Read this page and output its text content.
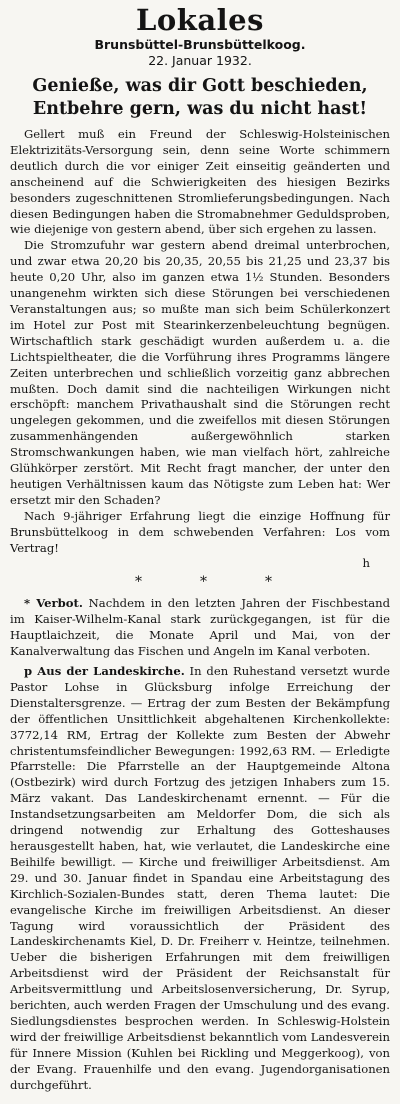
Lokales
Brunsbüttel-Brunsbüttelkoog.
22. Januar 1932.
Genieße, was dir Gott beschieden, Entbehre gern, was du nicht hast!

Gellert muß ein Freund der Schleswig-Holsteinischen Elektrizitäts-Versorgung sein, denn seine Worte schimmern deutlich durch die vor einiger Zeit einseitig geänderten und anscheinend auf die Schwierigkeiten des hiesigen Bezirks besonders zugeschnittenen Stromlieferungsbedingungen. Nach diesen Bedingungen haben die Stromabnehmer Geduldsproben, wie diejenige von gestern abend, über sich ergehen zu lassen.

Die Stromzufuhr war gestern abend dreimal unterbrochen, und zwar etwa 20,20 bis 20,35, 20,55 bis 21,25 und 23,37 bis heute 0,20 Uhr, also im ganzen etwa 1½ Stunden. Besonders unangenehm wirkten sich diese Störungen bei verschiedenen Veranstaltungen aus; so mußte man sich beim Schülerkonzert im Hotel zur Post mit Stearinkerzenbeleuchtung begnügen. Wirtschaftlich stark geschädigt wurden außerdem u. a. die Lichtspieltheater, die die Vorführung ihres Programms längere Zeiten unterbrechen und schließlich vorzeitig ganz abbrechen mußten. Doch damit sind die nachteiligen Wirkungen nicht erschöpft: manchem Privathaushalt sind die Störungen recht ungelegen gekommen, und die zweifellos mit diesen Störungen zusammenhängenden außergewöhnlich starken Stromschwankungen haben, wie man vielfach hört, zahlreiche Glühkörper zerstört. Mit Recht fragt mancher, der unter den heutigen Verhältnissen kaum das Nötigste zum Leben hat: Wer ersetzt mir den Schaden?

Nach 9-jähriger Erfahrung liegt die einzige Hoffnung für Brunsbüttelkoog in dem schwebenden Verfahren: Los vom Vertrag!

h
*	*	*

* Verbot. Nachdem in den letzten Jahren der Fischbestand im Kaiser-Wilhelm-Kanal stark zurückgegangen, ist für die Hauptlaichzeit, die Monate April und Mai, von der Kanalverwaltung das Fischen und Angeln im Kanal verboten.

p Aus der Landeskirche. In den Ruhestand versetzt wurde Pastor Lohse in Glücksburg infolge Erreichung der Dienstaltersgrenze. — Ertrag der zum Besten der Bekämpfung der öffentlichen Unsittlichkeit abgehaltenen Kirchenkollekte: 3772,14 RM, Ertrag der Kollekte zum Besten der Abwehr christentumsfeindlicher Bewegungen: 1992,63 RM. — Erledigte Pfarrstelle: Die Pfarrstelle an der Hauptgemeinde Altona (Ostbezirk) wird durch Fortzug des jetzigen Inhabers zum 15. März vakant. Das Landeskirchenamt ernennt. — Für die Instandsetzungsarbeiten am Meldorfer Dom, die sich als dringend notwendig zur Erhaltung des Gotteshauses herausgestellt haben, hat, wie verlautet, die Landeskirche eine Beihilfe bewilligt. — Kirche und freiwilliger Arbeitsdienst. Am 29. und 30. Januar findet in Spandau eine Arbeitstagung des Kirchlich-Sozialen-Bundes statt, deren Thema lautet: Die evangelische Kirche im freiwilligen Arbeitsdienst. An dieser Tagung wird voraussichtlich der Präsident des Landeskirchenamts Kiel, D. Dr. Freiherr v. Heintze, teilnehmen. Ueber die bisherigen Erfahrungen mit dem freiwilligen Arbeitsdienst wird der Präsident der Reichsanstalt für Arbeitsvermittlung und Arbeitslosenversicherung, Dr. Syrup, berichten, auch werden Fragen der Umschulung und des evang. Siedlungsdienstes besprochen werden. In Schleswig-Holstein wird der freiwillige Arbeitsdienst bekanntlich vom Landesverein für Innere Mission (Kuhlen bei Rickling und Meggerkoog), von der Evang. Frauenhilfe und den evang. Jugendorganisationen durchgeführt.
